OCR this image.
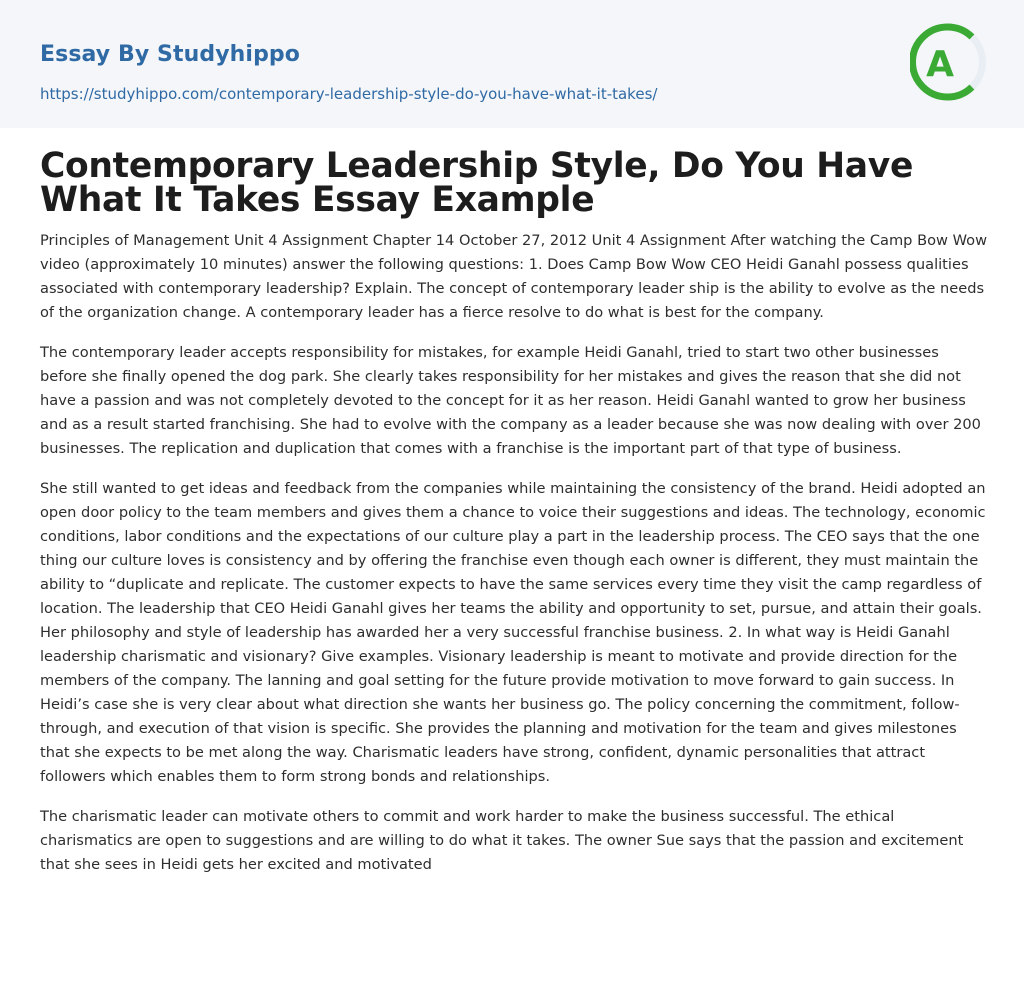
Essay By Studyhippo
https://studyhippo.com/contemporary-leadership-style-do-you-have-what-it-takes/
A
Contemporary Leadership Style, Do You Have What It Takes Essay Example

Principles of Management Unit 4 Assignment Chapter 14 October 27, 2012 Unit 4 Assignment After watching the Camp Bow Wow video (approximately 10 minutes) answer the following questions: 1. Does Camp Bow Wow CEO Heidi Ganahl possess qualities associated with contemporary leadership? Explain. The concept of contemporary leader ship is the ability to evolve as the needs of the organization change. A contemporary leader has a fierce resolve to do what is best for the company.

The contemporary leader accepts responsibility for mistakes, for example Heidi Ganahl, tried to start two other businesses before she finally opened the dog park. She clearly takes responsibility for her mistakes and gives the reason that she did not have a passion and was not completely devoted to the concept for it as her reason. Heidi Ganahl wanted to grow her business and as a result started franchising. She had to evolve with the company as a leader because she was now dealing with over 200 businesses. The replication and duplication that comes with a franchise is the important part of that type of business.

She still wanted to get ideas and feedback from the companies while maintaining the consistency of the brand. Heidi adopted an open door policy to the team members and gives them a chance to voice their suggestions and ideas. The technology, economic conditions, labor conditions and the expectations of our culture play a part in the leadership process. The CEO says that the one thing our culture loves is consistency and by offering the franchise even though each owner is different, they must maintain the ability to “duplicate and replicate. The customer expects to have the same services every time they visit the camp regardless of location. The leadership that CEO Heidi Ganahl gives her teams the ability and opportunity to set, pursue, and attain their goals. Her philosophy and style of leadership has awarded her a very successful franchise business. 2. In what way is Heidi Ganahl leadership charismatic and visionary? Give examples. Visionary leadership is meant to motivate and provide direction for the members of the company. The lanning and goal setting for the future provide motivation to move forward to gain success. In Heidi’s case she is very clear about what direction she wants her business go. The policy concerning the commitment, follow-through, and execution of that vision is specific. She provides the planning and motivation for the team and gives milestones that she expects to be met along the way. Charismatic leaders have strong, confident, dynamic personalities that attract followers which enables them to form strong bonds and relationships.

The charismatic leader can motivate others to commit and work harder to make the business successful. The ethical charismatics are open to suggestions and are willing to do what it takes. The owner Sue says that the passion and excitement that she sees in Heidi gets her excited and motivated
